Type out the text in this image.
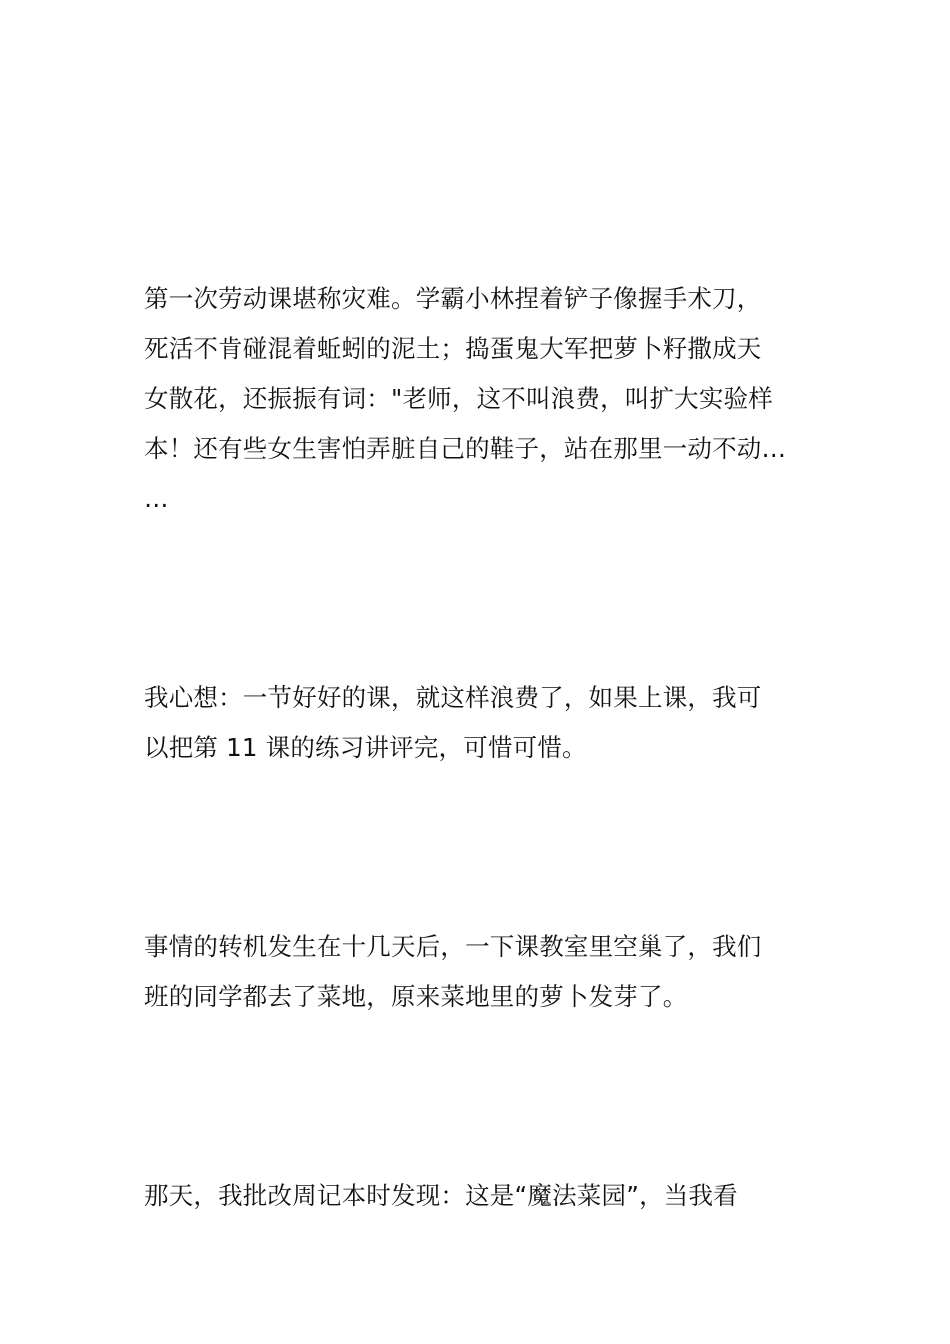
第一次劳动课堪称灾难。学霸小林捏着铲子像握手术刀，
死活不肯碰混着蚯蚓的泥土；捣蛋鬼大军把萝卜籽撒成天
女散花，还振振有词："老师，这不叫浪费，叫扩大实验样
本！还有些女生害怕弄脏自己的鞋子，站在那里一动不动…
…
我心想：一节好好的课，就这样浪费了，如果上课，我可
以把第 11 课的练习讲评完，可惜可惜。
事情的转机发生在十几天后，一下课教室里空巢了，我们
班的同学都去了菜地，原来菜地里的萝卜发芽了。
那天，我批改周记本时发现：这是“魔法菜园”，当我看
